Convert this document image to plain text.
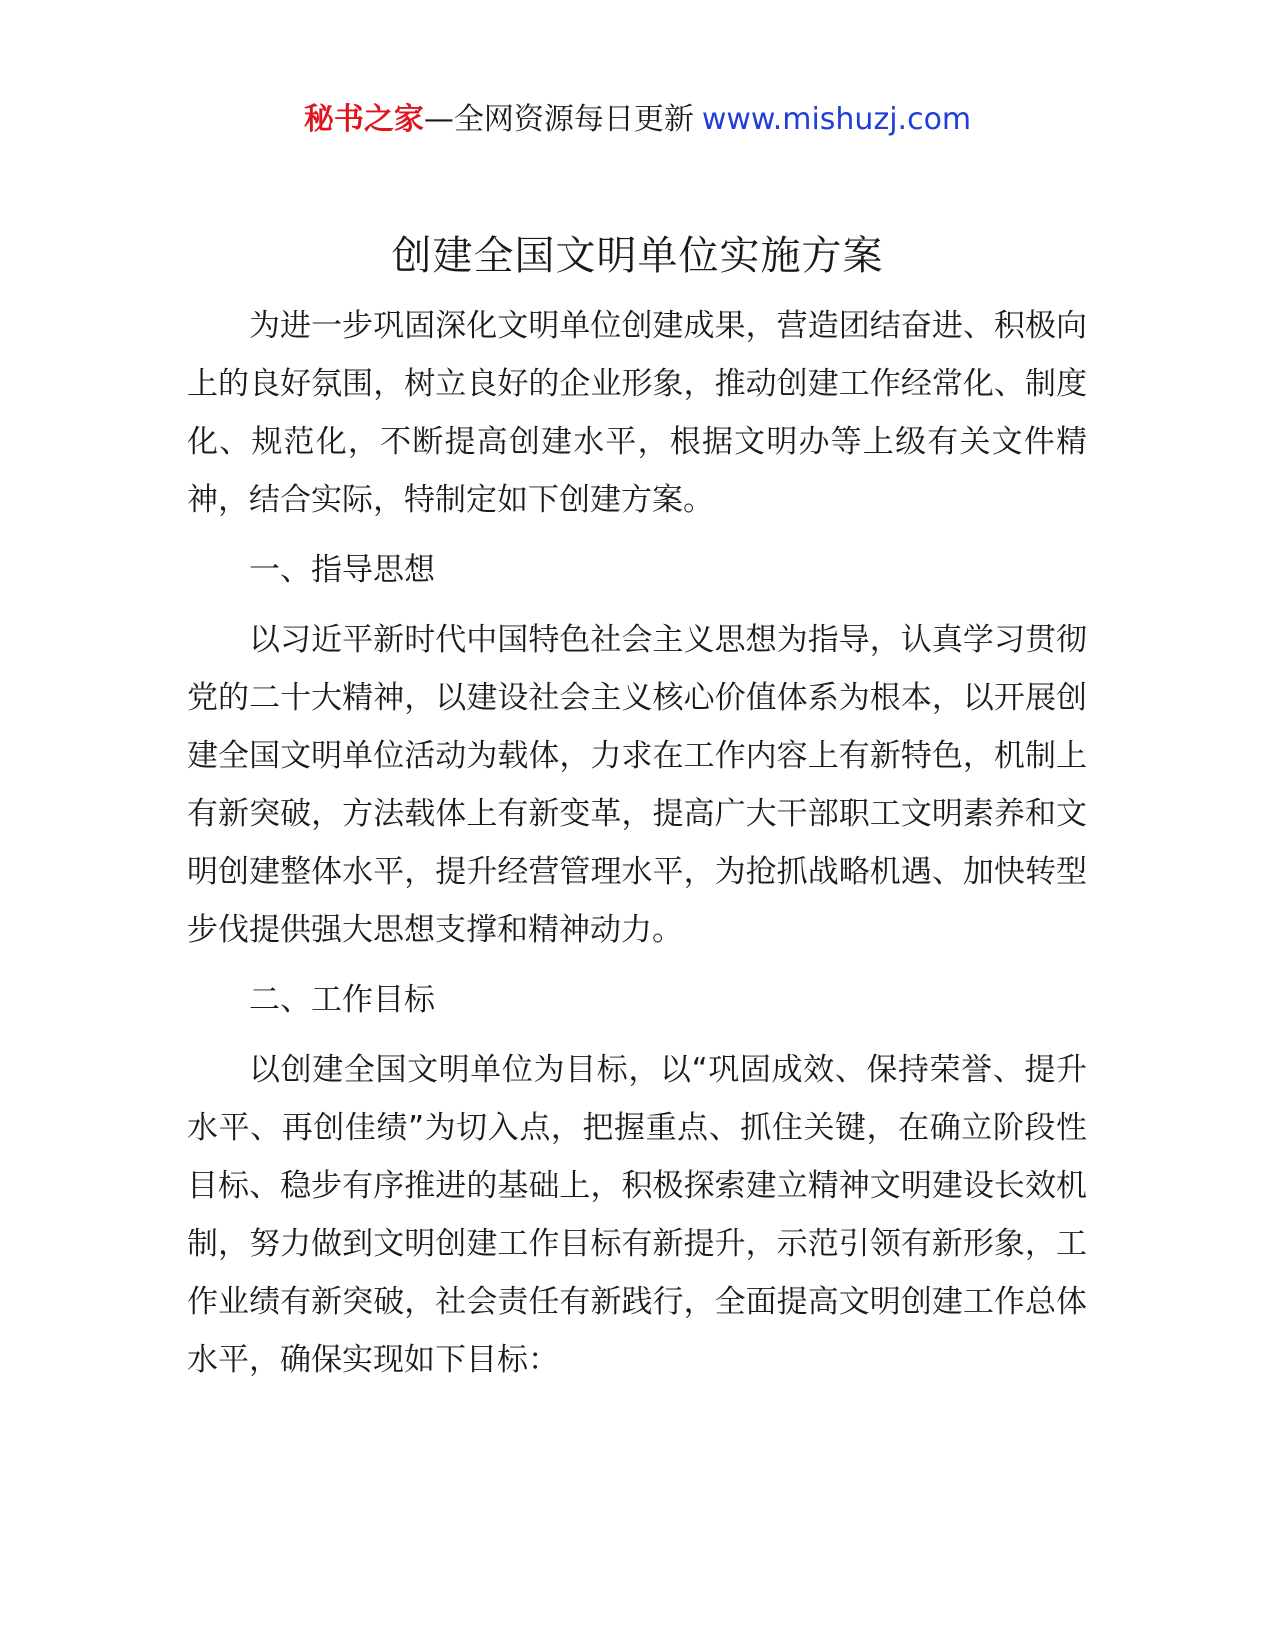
秘书之家—全网资源每日更新 www.mishuzj.com
创建全国文明单位实施方案

为进一步巩固深化文明单位创建成果，营造团结奋进、积极向上的良好氛围，树立良好的企业形象，推动创建工作经常化、制度化、规范化，不断提高创建水平，根据文明办等上级有关文件精神，结合实际，特制定如下创建方案。

一、指导思想

以习近平新时代中国特色社会主义思想为指导，认真学习贯彻党的二十大精神，以建设社会主义核心价值体系为根本，以开展创建全国文明单位活动为载体，力求在工作内容上有新特色，机制上有新突破，方法载体上有新变革，提高广大干部职工文明素养和文明创建整体水平，提升经营管理水平，为抢抓战略机遇、加快转型步伐提供强大思想支撑和精神动力。

二、工作目标

以创建全国文明单位为目标，以“巩固成效、保持荣誉、提升水平、再创佳绩”为切入点，把握重点、抓住关键，在确立阶段性目标、稳步有序推进的基础上，积极探索建立精神文明建设长效机制，努力做到文明创建工作目标有新提升，示范引领有新形象，工作业绩有新突破，社会责任有新践行，全面提高文明创建工作总体水平，确保实现如下目标：
